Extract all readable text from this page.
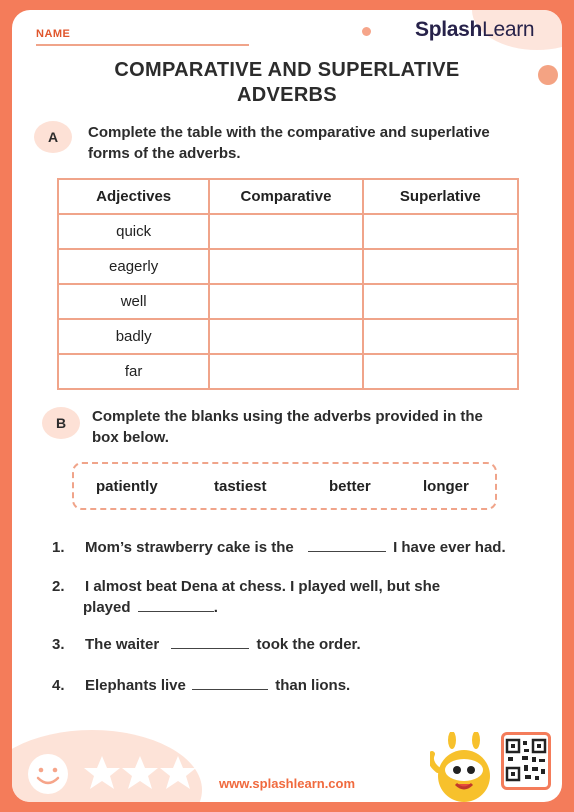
NAME	SplashLearn
COMPARATIVE AND SUPERLATIVE
ADVERBS
A	Complete the table with the comparative and superlative
forms of the adverbs.
Adjectives	Comparative	Superlative
quick		
eagerly		
well		
badly		
far		
B	Complete the blanks using the adverbs provided in the
box below.
patiently	tastiest	better	longer
1. Mom’s strawberry cake is the	I have ever had.
2. I almost beat Dena at chess. I played well, but she
played	.
3. The waiter	took the order.
4. Elephants live	than lions.
www.splashlearn.com
